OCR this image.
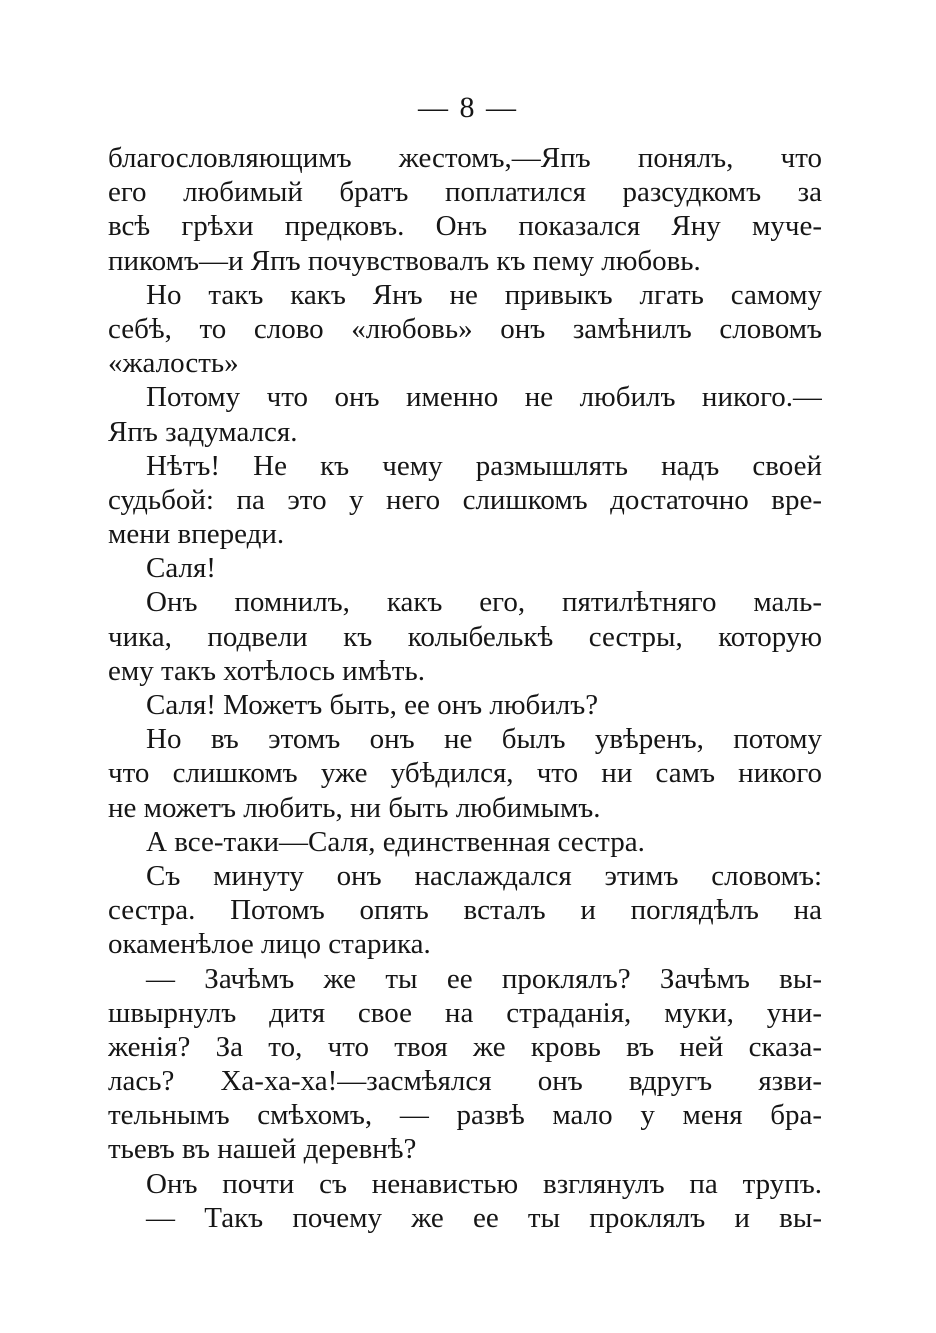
— 8 —
благословляющимъ жестомъ,—Япъ понялъ, что
его любимый братъ поплатился разсудкомъ за
всѣ грѣхи предковъ. Онъ показался Яну муче-
пикомъ—и Япъ почувствовалъ къ пему любовь.
Но такъ какъ Янъ не привыкъ лгать самому
себѣ, то слово «любовь» онъ замѣнилъ словомъ
«жалость»
Потому что онъ именно не любилъ никого.—
Япъ задумался.
Нѣтъ! Не къ чему размышлять надъ своей
судьбой: па это у него слишкомъ достаточно вре-
мени впереди.
Саля!
Онъ помнилъ, какъ его, пятилѣтняго маль-
чика, подвели къ колыбелькѣ сестры, которую
ему такъ хотѣлось имѣть.
Саля! Можетъ быть, ее онъ любилъ?
Но въ этомъ онъ не былъ увѣренъ, потому
что слишкомъ уже убѣдился, что ни самъ никого
не можетъ любить, ни быть любимымъ.
А все-таки—Саля, единственная сестра.
Съ минуту онъ наслаждался этимъ словомъ:
сестра. Потомъ опять всталъ и поглядѣлъ на
окаменѣлое лицо старика.
— Зачѣмъ же ты ее проклялъ? Зачѣмъ вы-
швырнулъ дитя свое на страданія, муки, уни-
женія? За то, что твоя же кровь въ ней сказа-
лась? Ха-ха-ха!—засмѣялся онъ вдругъ язви-
тельнымъ смѣхомъ, — развѣ мало у меня бра-
тьевъ въ нашей деревнѣ?
Онъ почти съ ненавистью взглянулъ па трупъ.
— Такъ почему же ее ты проклялъ и вы-
